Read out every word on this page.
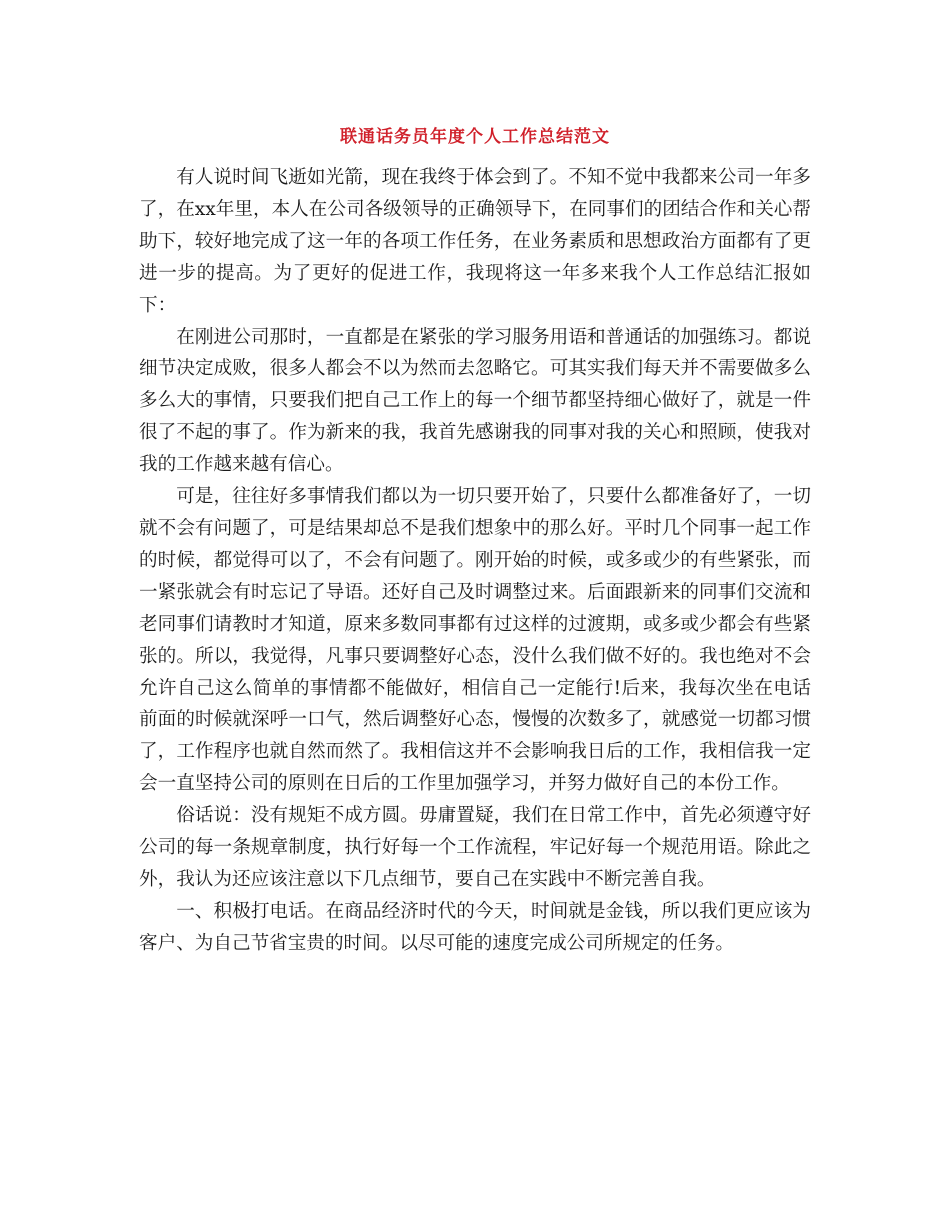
联通话务员年度个人工作总结范文

有人说时间飞逝如光箭，现在我终于体会到了。不知不觉中我都来公司一年多了，在xx年里，本人在公司各级领导的正确领导下，在同事们的团结合作和关心帮助下，较好地完成了这一年的各项工作任务，在业务素质和思想政治方面都有了更进一步的提高。为了更好的促进工作，我现将这一年多来我个人工作总结汇报如下：

在刚进公司那时，一直都是在紧张的学习服务用语和普通话的加强练习。都说细节决定成败，很多人都会不以为然而去忽略它。可其实我们每天并不需要做多么多么大的事情，只要我们把自己工作上的每一个细节都坚持细心做好了，就是一件很了不起的事了。作为新来的我，我首先感谢我的同事对我的关心和照顾，使我对我的工作越来越有信心。

可是，往往好多事情我们都以为一切只要开始了，只要什么都准备好了，一切就不会有问题了，可是结果却总不是我们想象中的那么好。平时几个同事一起工作的时候，都觉得可以了，不会有问题了。刚开始的时候，或多或少的有些紧张，而一紧张就会有时忘记了导语。还好自己及时调整过来。后面跟新来的同事们交流和老同事们请教时才知道，原来多数同事都有过这样的过渡期，或多或少都会有些紧张的。所以，我觉得，凡事只要调整好心态，没什么我们做不好的。我也绝对不会允许自己这么简单的事情都不能做好，相信自己一定能行!后来，我每次坐在电话前面的时候就深呼一口气，然后调整好心态，慢慢的次数多了，就感觉一切都习惯了，工作程序也就自然而然了。我相信这并不会影响我日后的工作，我相信我一定会一直坚持公司的原则在日后的工作里加强学习，并努力做好自己的本份工作。

俗话说：没有规矩不成方圆。毋庸置疑，我们在日常工作中，首先必须遵守好公司的每一条规章制度，执行好每一个工作流程，牢记好每一个规范用语。除此之外，我认为还应该注意以下几点细节，要自己在实践中不断完善自我。

一、积极打电话。在商品经济时代的今天，时间就是金钱，所以我们更应该为客户、为自己节省宝贵的时间。以尽可能的速度完成公司所规定的任务。
